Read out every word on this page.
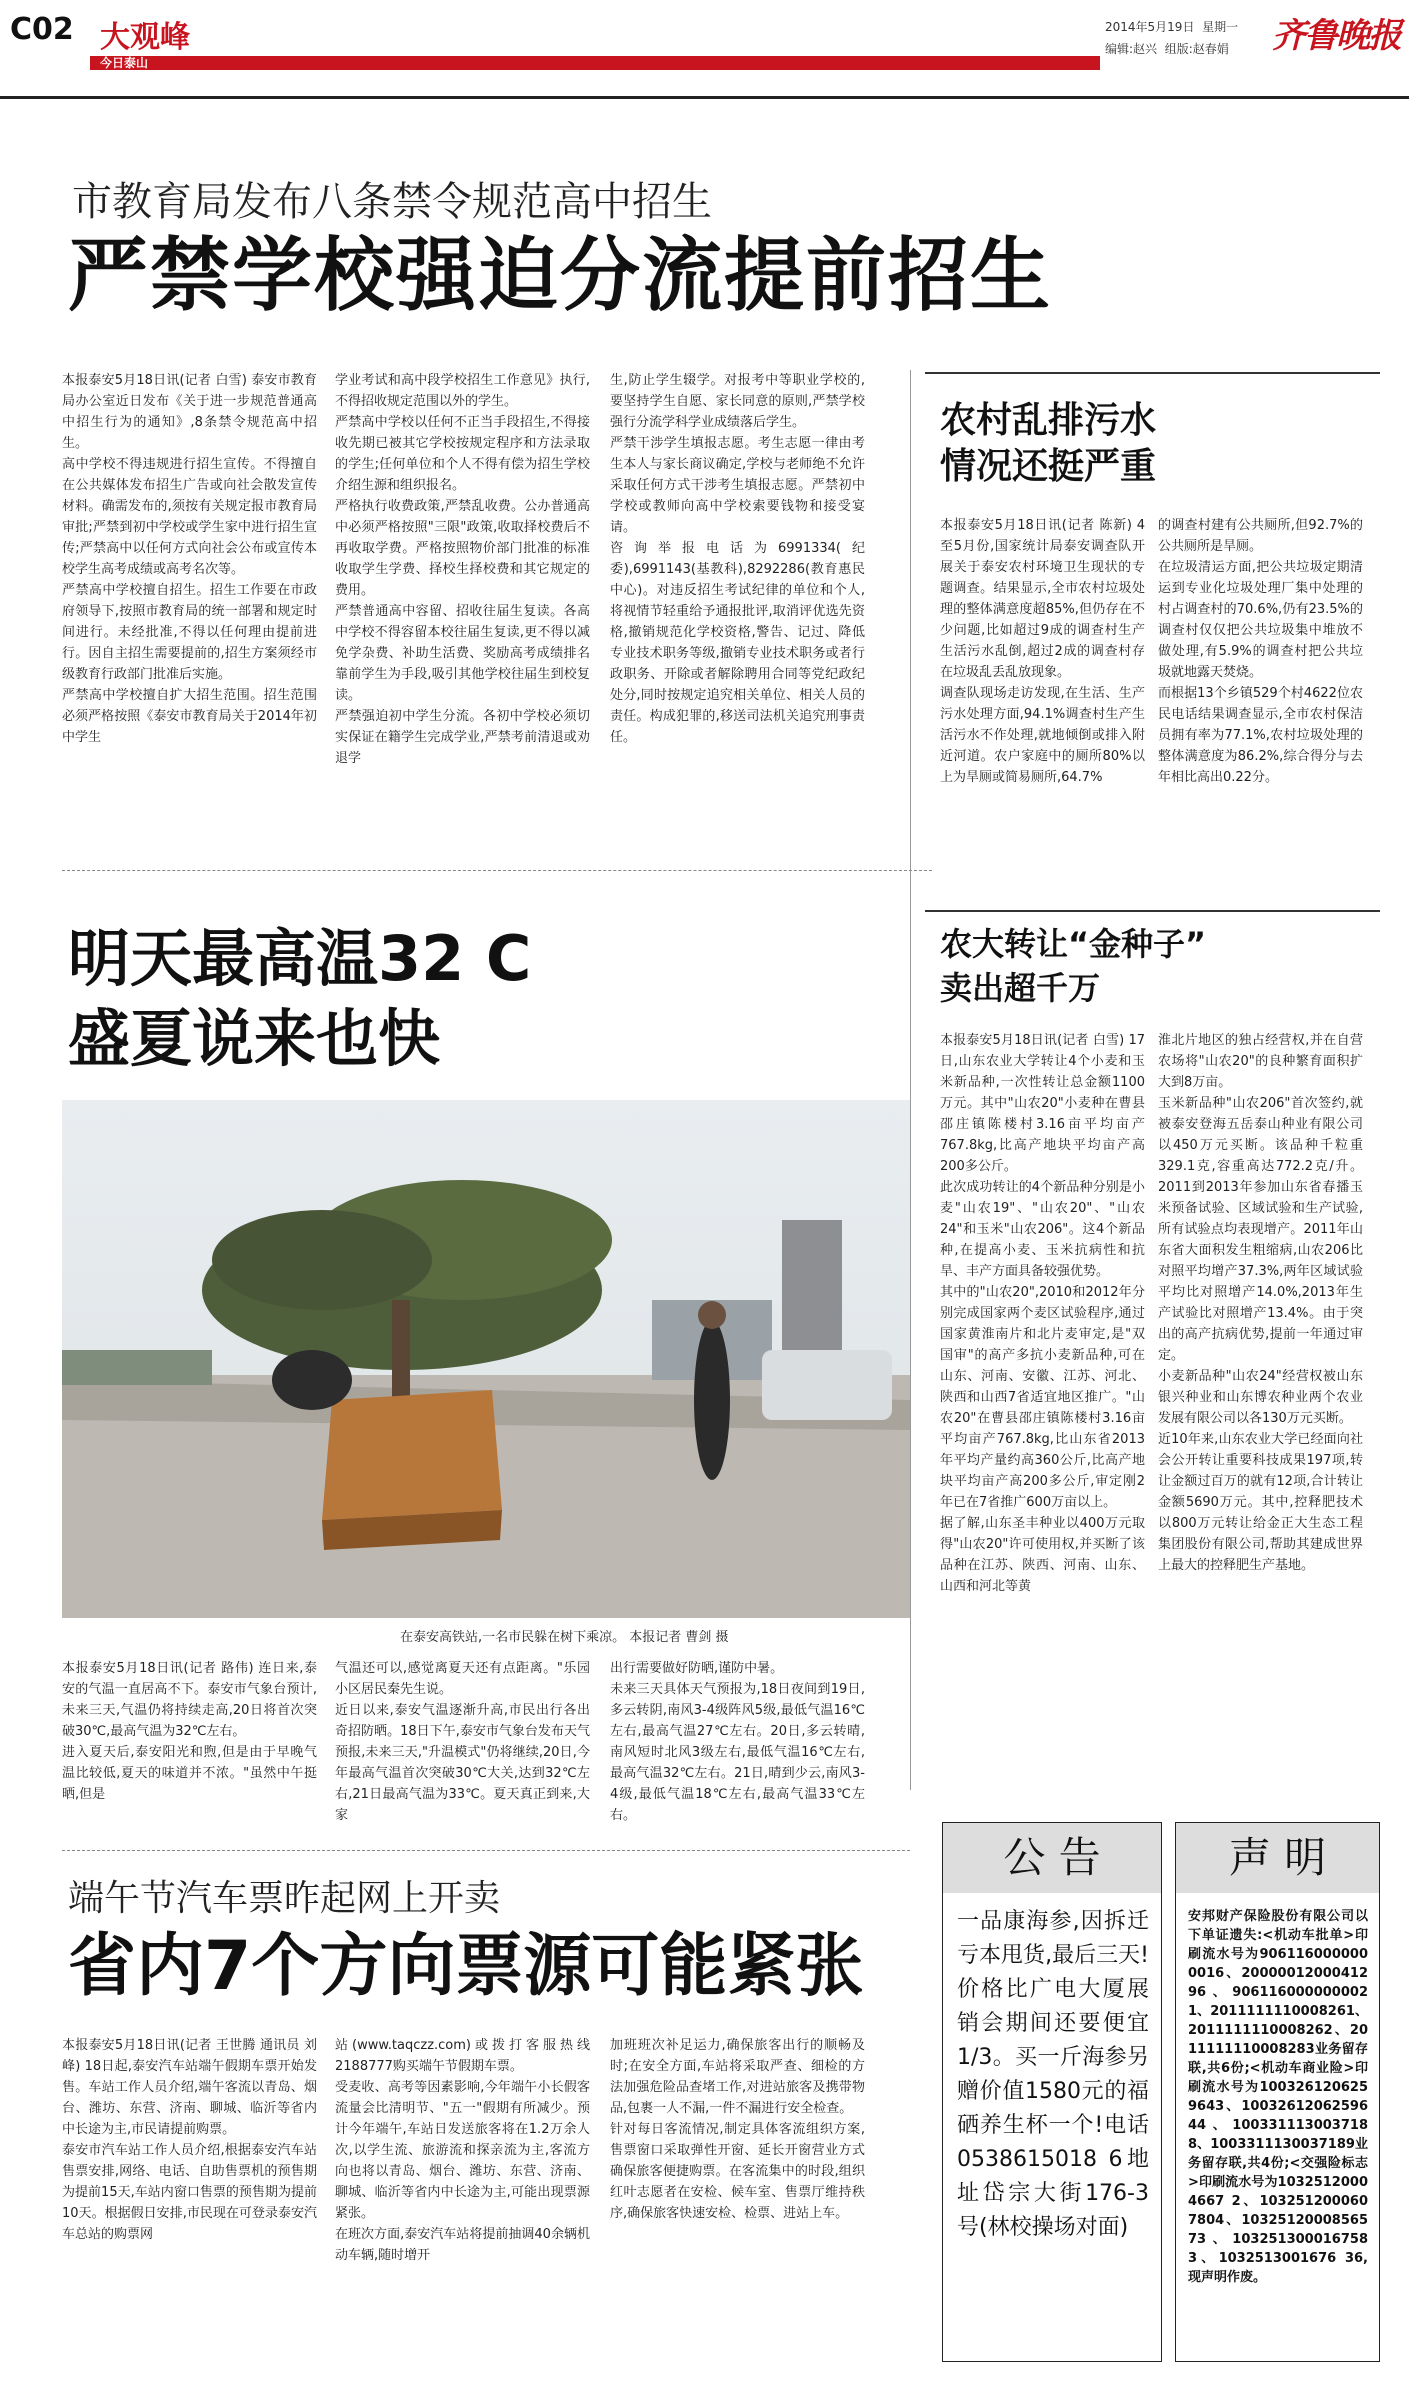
C02 大观峰
今日泰山
2014年5月19日 星期一
编辑:赵兴 组版:赵春娟 齐鲁晚报
市教育局发布八条禁令规范高中招生
严禁学校强迫分流提前招生
本报泰安5月18日讯(记者 白雪) 泰安市教育局办公室近日发布《关于进一步规范普通高中招生行为的通知》,8条禁令规范高中招生。
高中学校不得违规进行招生宣传。不得擅自在公共媒体发布招生广告或向社会散发宣传材料。确需发布的,须按有关规定报市教育局审批;严禁到初中学校或学生家中进行招生宣传;严禁高中以任何方式向社会公布或宣传本校学生高考成绩或高考名次等。
严禁高中学校擅自招生。招生工作要在市政府领导下,按照市教育局的统一部署和规定时间进行。未经批准,不得以任何理由提前进行。因自主招生需要提前的,招生方案须经市级教育行政部门批准后实施。
严禁高中学校擅自扩大招生范围。招生范围必须严格按照《泰安市教育局关于2014年初中学生
学业考试和高中段学校招生工作意见》执行,不得招收规定范围以外的学生。
严禁高中学校以任何不正当手段招生,不得接收先期已被其它学校按规定程序和方法录取的学生;任何单位和个人不得有偿为招生学校介绍生源和组织报名。
严格执行收费政策,严禁乱收费。公办普通高中必须严格按照"三限"政策,收取择校费后不再收取学费。严格按照物价部门批准的标准收取学生学费、择校生择校费和其它规定的费用。
严禁普通高中容留、招收往届生复读。各高中学校不得容留本校往届生复读,更不得以减免学杂费、补助生活费、奖励高考成绩排名靠前学生为手段,吸引其他学校往届生到校复读。
严禁强迫初中学生分流。各初中学校必须切实保证在籍学生完成学业,严禁考前清退或劝退学
生,防止学生辍学。对报考中等职业学校的,要坚持学生自愿、家长同意的原则,严禁学校强行分流学科学业成绩落后学生。
严禁干涉学生填报志愿。考生志愿一律由考生本人与家长商议确定,学校与老师绝不允许采取任何方式干涉考生填报志愿。严禁初中学校或教师向高中学校索要钱物和接受宴请。
咨询举报电话为6991334(纪委),6991143(基教科),8292286(教育惠民中心)。对违反招生考试纪律的单位和个人,将视情节轻重给予通报批评,取消评优选先资格,撤销规范化学校资格,警告、记过、降低专业技术职务等级,撤销专业技术职务或者行政职务、开除或者解除聘用合同等党纪政纪处分,同时按规定追究相关单位、相关人员的责任。构成犯罪的,移送司法机关追究刑事责任。
农村乱排污水
情况还挺严重
本报泰安5月18日讯(记者 陈新) 4至5月份,国家统计局泰安调查队开展关于泰安农村环境卫生现状的专题调查。结果显示,全市农村垃圾处理的整体满意度超85%,但仍存在不少问题,比如超过9成的调查村生产生活污水乱倒,超过2成的调查村存在垃圾乱丢乱放现象。
调查队现场走访发现,在生活、生产污水处理方面,94.1%调查村生产生活污水不作处理,就地倾倒或排入附近河道。农户家庭中的厕所80%以上为旱厕或简易厕所,64.7%
的调查村建有公共厕所,但92.7%的公共厕所是旱厕。
在垃圾清运方面,把公共垃圾定期清运到专业化垃圾处理厂集中处理的村占调查村的70.6%,仍有23.5%的调查村仅仅把公共垃圾集中堆放不做处理,有5.9%的调查村把公共垃圾就地露天焚烧。
而根据13个乡镇529个村4622位农民电话结果调查显示,全市农村保洁员拥有率为77.1%,农村垃圾处理的整体满意度为86.2%,综合得分与去年相比高出0.22分。
明天最高温32 C
盛夏说来也快
在泰安高铁站,一名市民躲在树下乘凉。 本报记者 曹剑 摄
本报泰安5月18日讯(记者 路伟) 连日来,泰安的气温一直居高不下。泰安市气象台预计,未来三天,气温仍将持续走高,20日将首次突破30℃,最高气温为32℃左右。
进入夏天后,泰安阳光和煦,但是由于早晚气温比较低,夏天的味道并不浓。"虽然中午挺晒,但是
气温还可以,感觉离夏天还有点距离。"乐园小区居民秦先生说。
近日以来,泰安气温逐渐升高,市民出行各出奇招防晒。18日下午,泰安市气象台发布天气预报,未来三天,"升温模式"仍将继续,20日,今年最高气温首次突破30℃大关,达到32℃左右,21日最高气温为33℃。夏天真正到来,大家
出行需要做好防晒,谨防中暑。
未来三天具体天气预报为,18日夜间到19日,多云转阴,南风3-4级阵风5级,最低气温16℃左右,最高气温27℃左右。20日,多云转晴,南风短时北风3级左右,最低气温16℃左右,最高气温32℃左右。21日,晴到少云,南风3-4级,最低气温18℃左右,最高气温33℃左右。
农大转让“金种子”
卖出超千万
本报泰安5月18日讯(记者 白雪) 17日,山东农业大学转让4个小麦和玉米新品种,一次性转让总金额1100万元。其中"山农20"小麦种在曹县邵庄镇陈楼村3.16亩平均亩产767.8kg,比高产地块平均亩产高200多公斤。
此次成功转让的4个新品种分别是小麦"山农19"、"山农20"、"山农24"和玉米"山农206"。这4个新品种,在提高小麦、玉米抗病性和抗旱、丰产方面具备较强优势。
其中的"山农20",2010和2012年分别完成国家两个麦区试验程序,通过国家黄淮南片和北片麦审定,是"双国审"的高产多抗小麦新品种,可在山东、河南、安徽、江苏、河北、陕西和山西7省适宜地区推广。"山农20"在曹县邵庄镇陈楼村3.16亩平均亩产767.8kg,比山东省2013年平均产量约高360公斤,比高产地块平均亩产高200多公斤,审定刚2年已在7省推广600万亩以上。
据了解,山东圣丰种业以400万元取得"山农20"许可使用权,并买断了该品种在江苏、陕西、河南、山东、山西和河北等黄
淮北片地区的独占经营权,并在自营农场将"山农20"的良种繁育面积扩大到8万亩。
玉米新品种"山农206"首次签约,就被泰安登海五岳泰山种业有限公司以450万元买断。该品种千粒重329.1克,容重高达772.2克/升。2011到2013年参加山东省春播玉米预备试验、区域试验和生产试验,所有试验点均表现增产。2011年山东省大面积发生粗缩病,山农206比对照平均增产37.3%,两年区域试验平均比对照增产14.0%,2013年生产试验比对照增产13.4%。由于突出的高产抗病优势,提前一年通过审定。
小麦新品种"山农24"经营权被山东银兴种业和山东博农种业两个农业发展有限公司以各130万元买断。
近10年来,山东农业大学已经面向社会公开转让重要科技成果197项,转让金额过百万的就有12项,合计转让金额5690万元。其中,控释肥技术以800万元转让给金正大生态工程集团股份有限公司,帮助其建成世界上最大的控释肥生产基地。
端午节汽车票昨起网上开卖
省内7个方向票源可能紧张
本报泰安5月18日讯(记者 王世腾 通讯员 刘峰) 18日起,泰安汽车站端午假期车票开始发售。车站工作人员介绍,端午客流以青岛、烟台、潍坊、东营、济南、聊城、临沂等省内中长途为主,市民请提前购票。
泰安市汽车站工作人员介绍,根据泰安汽车站售票安排,网络、电话、自助售票机的预售期为提前15天,车站内窗口售票的预售期为提前10天。根据假日安排,市民现在可登录泰安汽车总站的购票网
站(www.taqczz.com)或拨打客服热线2188777购买端午节假期车票。
受麦收、高考等因素影响,今年端午小长假客流量会比清明节、"五一"假期有所减少。预计今年端午,车站日发送旅客将在1.2万余人次,以学生流、旅游流和探亲流为主,客流方向也将以青岛、烟台、潍坊、东营、济南、聊城、临沂等省内中长途为主,可能出现票源紧张。
在班次方面,泰安汽车站将提前抽调40余辆机动车辆,随时增开
加班班次补足运力,确保旅客出行的顺畅及时;在安全方面,车站将采取严查、细检的方法加强危险品查堵工作,对进站旅客及携带物品,包裹一人不漏,一件不漏进行安全检查。
针对每日客流情况,制定具体客流组织方案,售票窗口采取弹性开窗、延长开窗营业方式确保旅客便捷购票。在客流集中的时段,组织红叶志愿者在安检、候车室、售票厅维持秩序,确保旅客快速安检、检票、进站上车。
公 告
一品康海参,因拆迁亏本甩货,最后三天!价格比广电大厦展销会期间还要便宜1/3。买一斤海参另赠价值1580元的福硒养生杯一个!电话0538615018 6地址岱宗大街176-3号(林校操场对面)
声 明
安邦财产保险股份有限公司以下单证遗失:<机动车批单>印刷流水号为9061160000000016、2000001200041296、9061160000000021、2011111110008261、2011111110008262、2011111110008283业务留存联,共6份;<机动车商业险>印刷流水号为1003261206259643、1003261206259644、1003311130037188、1003311130037189业务留存联,共4份;<交强险标志>印刷流水号为10325120004667 2、1032512000607804、1032512000856573、1032513000167583、1032513001676 36,现声明作废。
